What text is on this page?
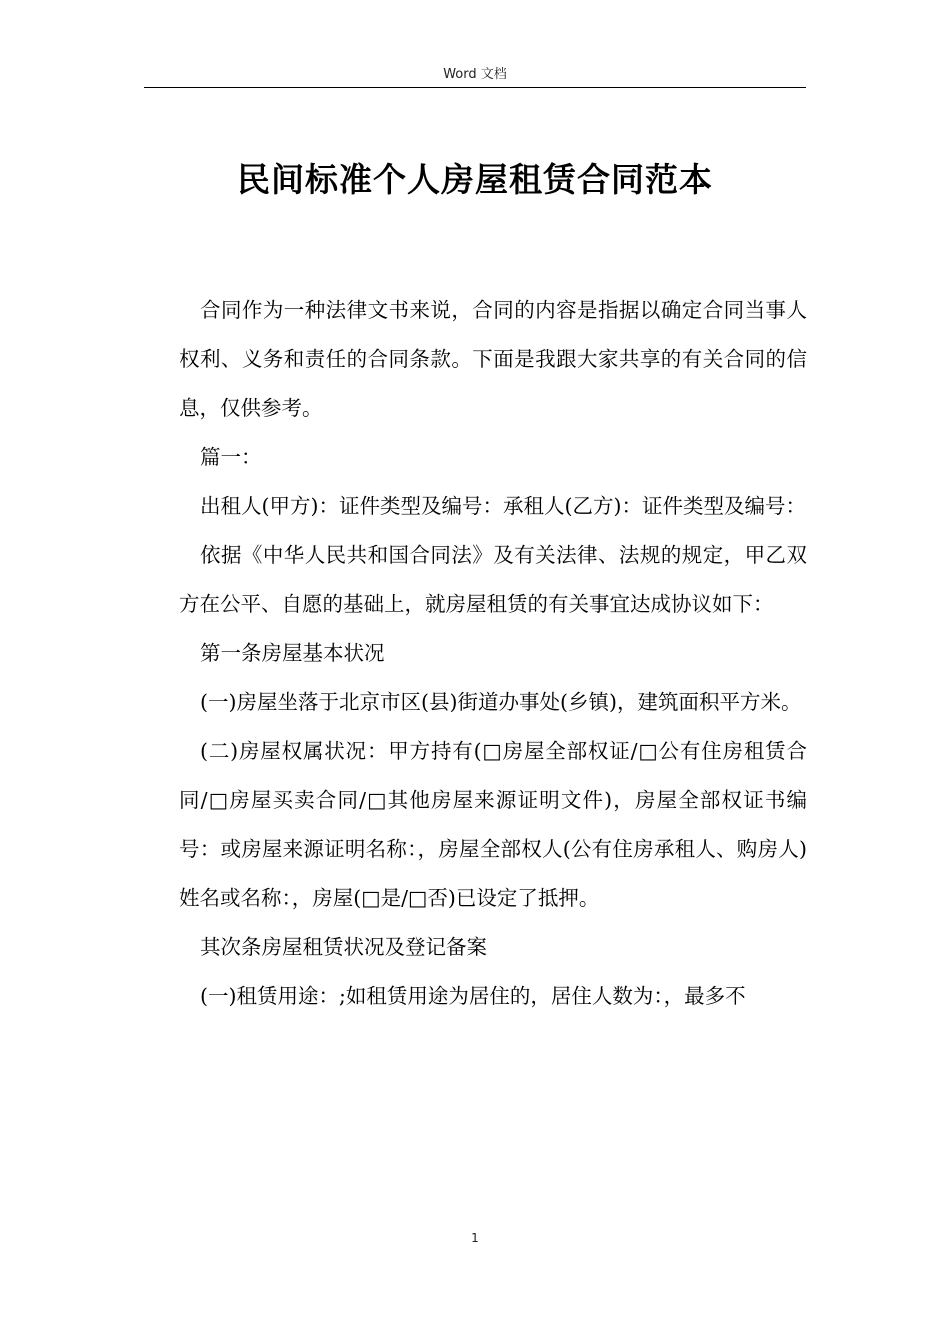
Word 文档
民间标准个人房屋租赁合同范本

合同作为一种法律文书来说，合同的内容是指据以确定合同当事人权利、义务和责任的合同条款。下面是我跟大家共享的有关合同的信息，仅供参考。

篇一：

出租人(甲方)：证件类型及编号：承租人(乙方)：证件类型及编号：

依据《中华人民共和国合同法》及有关法律、法规的规定，甲乙双方在公平、自愿的基础上，就房屋租赁的有关事宜达成协议如下：

第一条房屋基本状况

(一)房屋坐落于北京市区(县)街道办事处(乡镇)，建筑面积平方米。

(二)房屋权属状况：甲方持有(□房屋全部权证/□公有住房租赁合同/□房屋买卖合同/□其他房屋来源证明文件)，房屋全部权证书编号：或房屋来源证明名称：，房屋全部权人(公有住房承租人、购房人)姓名或名称：，房屋(□是/□否)已设定了抵押。

其次条房屋租赁状况及登记备案

(一)租赁用途：;如租赁用途为居住的，居住人数为：，最多不

1
